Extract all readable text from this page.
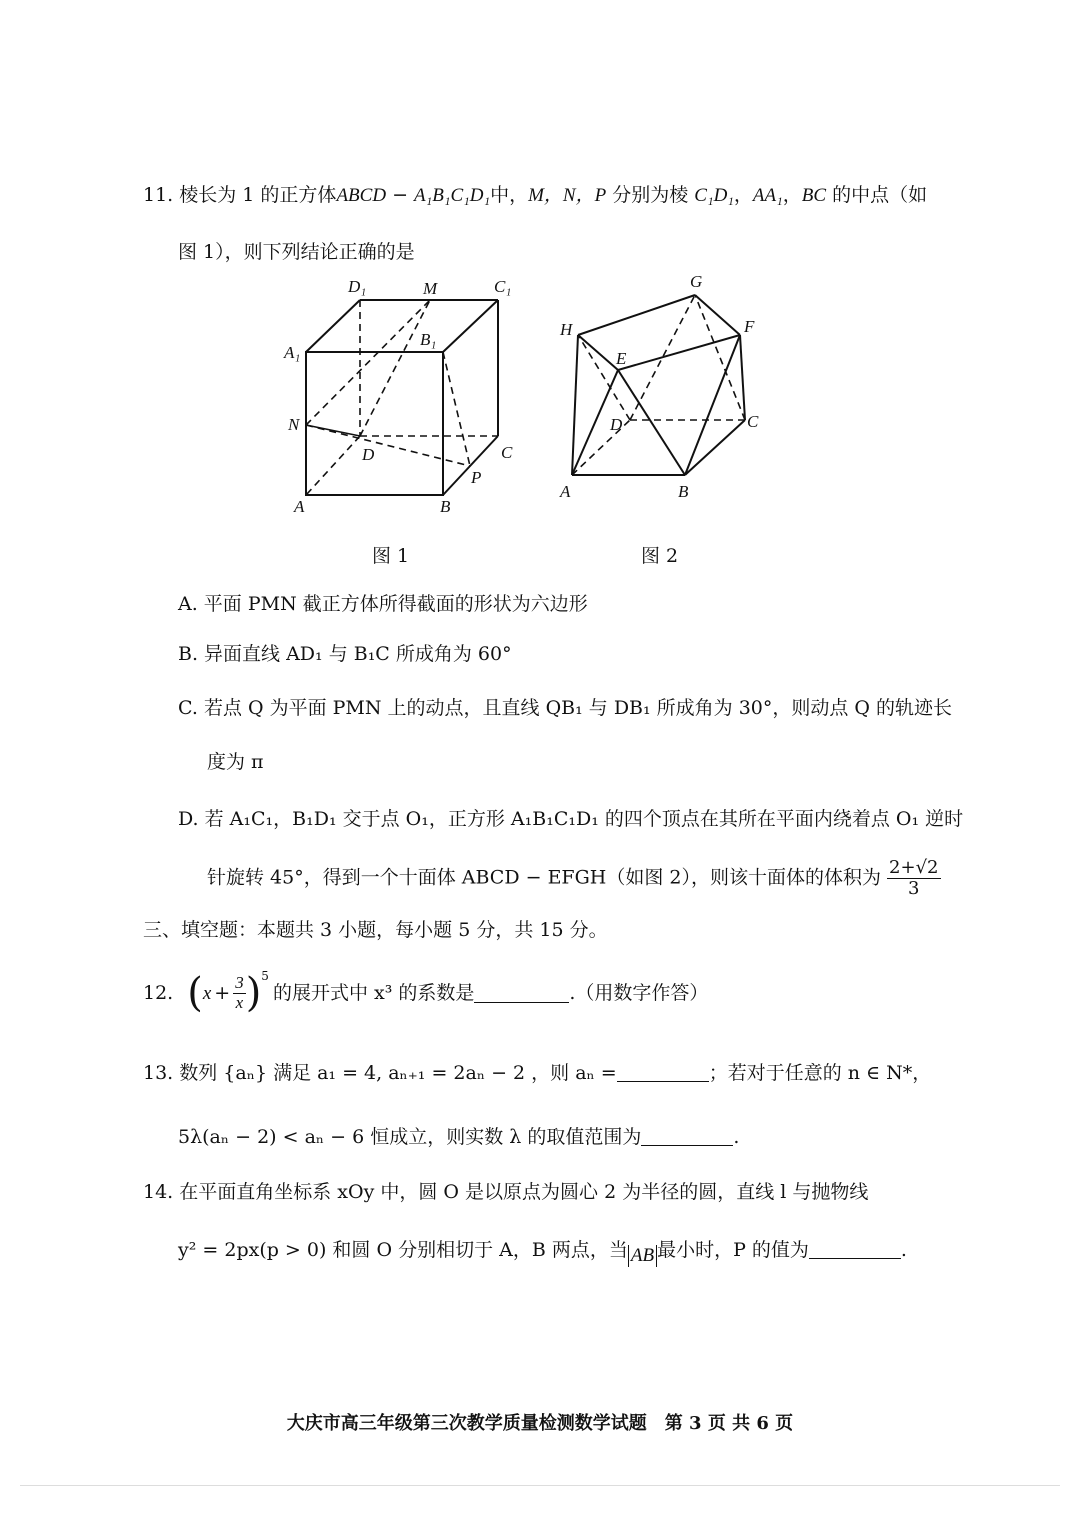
11. 棱长为 1 的正方体ABCD − A₁B₁C₁D₁中，M，N，P 分别为棱 C₁D₁，AA₁，BC 的中点（如
图 1），则下列结论正确的是
D₁	M	C₁
A₁
B₁
N
D	C
P
A	B
G
H	F
E
D	C
A	B
图 1	图 2
A. 平面 PMN 截正方体所得截面的形状为六边形
B. 异面直线 AD₁ 与 B₁C 所成角为 60°
C. 若点 Q 为平面 PMN 上的动点，且直线 QB₁ 与 DB₁ 所成角为 30°，则动点 Q 的轨迹长
度为 π
D. 若 A₁C₁，B₁D₁ 交于点 O₁，正方形 A₁B₁C₁D₁ 的四个顶点在其所在平面内绕着点 O₁ 逆时
针旋转 45°，得到一个十面体 ABCD − EFGH（如图 2），则该十面体的体积为 $\frac{2+√2}{3}$
三、填空题：本题共 3 小题，每小题 5 分，共 15 分。
12. ( $x + \frac{3}{x}$ ) 5
的展开式中 x³ 的系数是	.（用数字作答）
13. 数列 {aₙ} 满足 a₁ = 4, aₙ₊₁ = 2aₙ − 2 ，则 aₙ =	；若对于任意的 n ∈ N*，
5λ(aₙ − 2) < aₙ − 6 恒成立，则实数 λ 的取值范围为	.
14. 在平面直角坐标系 xOy 中，圆 O 是以原点为圆心 2 为半径的圆，直线 l 与抛物线
y² = 2px(p > 0) 和圆 O 分别相切于 A，B 两点，当 AB 最小时，P 的值为	.
大庆市高三年级第三次教学质量检测数学试题　第 3 页 共 6 页
